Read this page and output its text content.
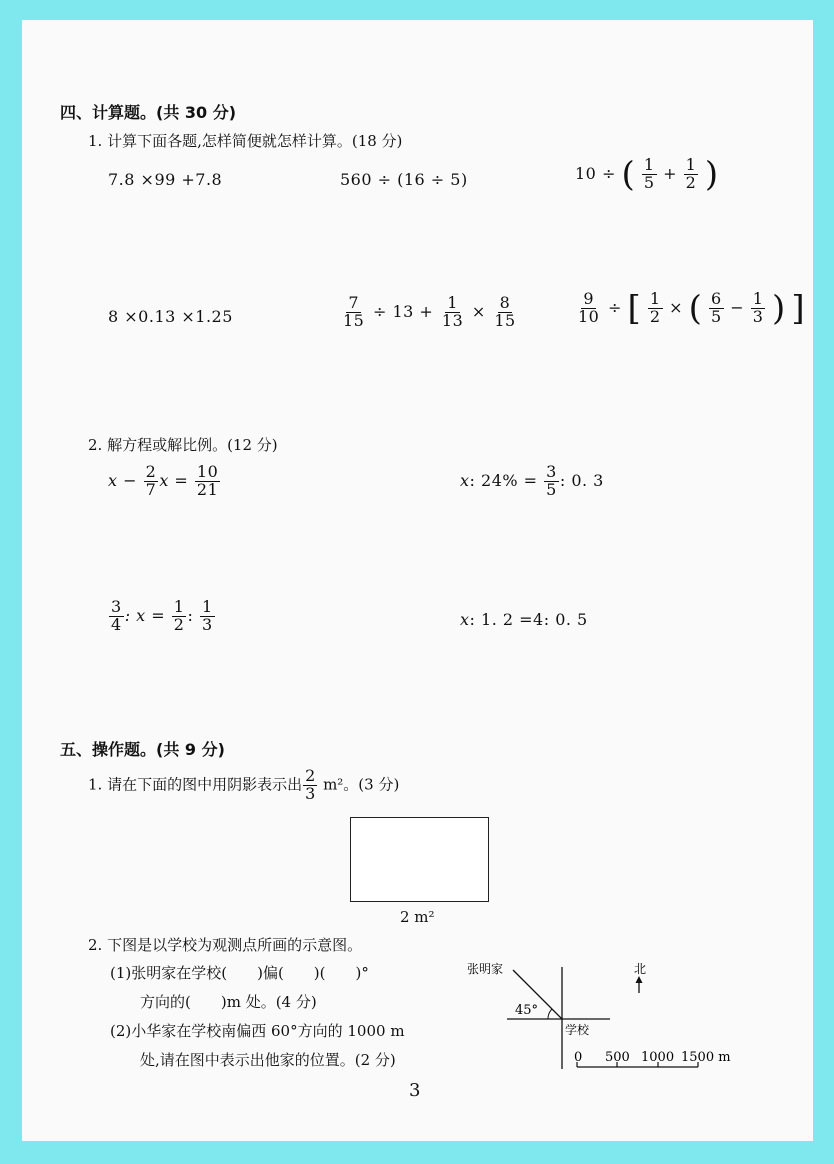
四、计算题。(共 30 分)
1. 计算下面各题,怎样简便就怎样计算。(18 分)
7.8 ×99 +7.8	560 ÷ (16 ÷ 5)	10 ÷ ( $\frac{1}{5} + \frac{1}{2}$ )
8 ×0.13 ×1.25	$\frac{7}{15} \div 13 + \frac{1}{13} \times \frac{8}{15}$	$\frac{9}{10}$ ÷ [ $\frac{1}{2}$ × ( $\frac{6}{5} - \frac{1}{3}$ ) ]
2. 解方程或解比例。(12 分)
$x - \frac{2}{7}$ $x = \frac{10}{21}$	x: $24\% = \frac{3}{5}$ : 0. 3
$\frac{3}{4}$ : $x = \frac{1}{2}$ : $\frac{1}{3}$	x: 1. 2 =4: 0. 5
五、操作题。(共 9 分)
1. 请在下面的图中用阴影表示出 $\frac{2}{3} m^2$。(3 分)
2 m²
2. 下图是以学校为观测点所画的示意图。
(1)张明家在学校(　　)偏(　　)(　　)°
方向的(　　)m 处。(4 分)
(2)小华家在学校南偏西 60°方向的 1000 m
处,请在图中表示出他家的位置。(2 分)
张明家
45°
学校
北
0 500 1000 1500 m
3
